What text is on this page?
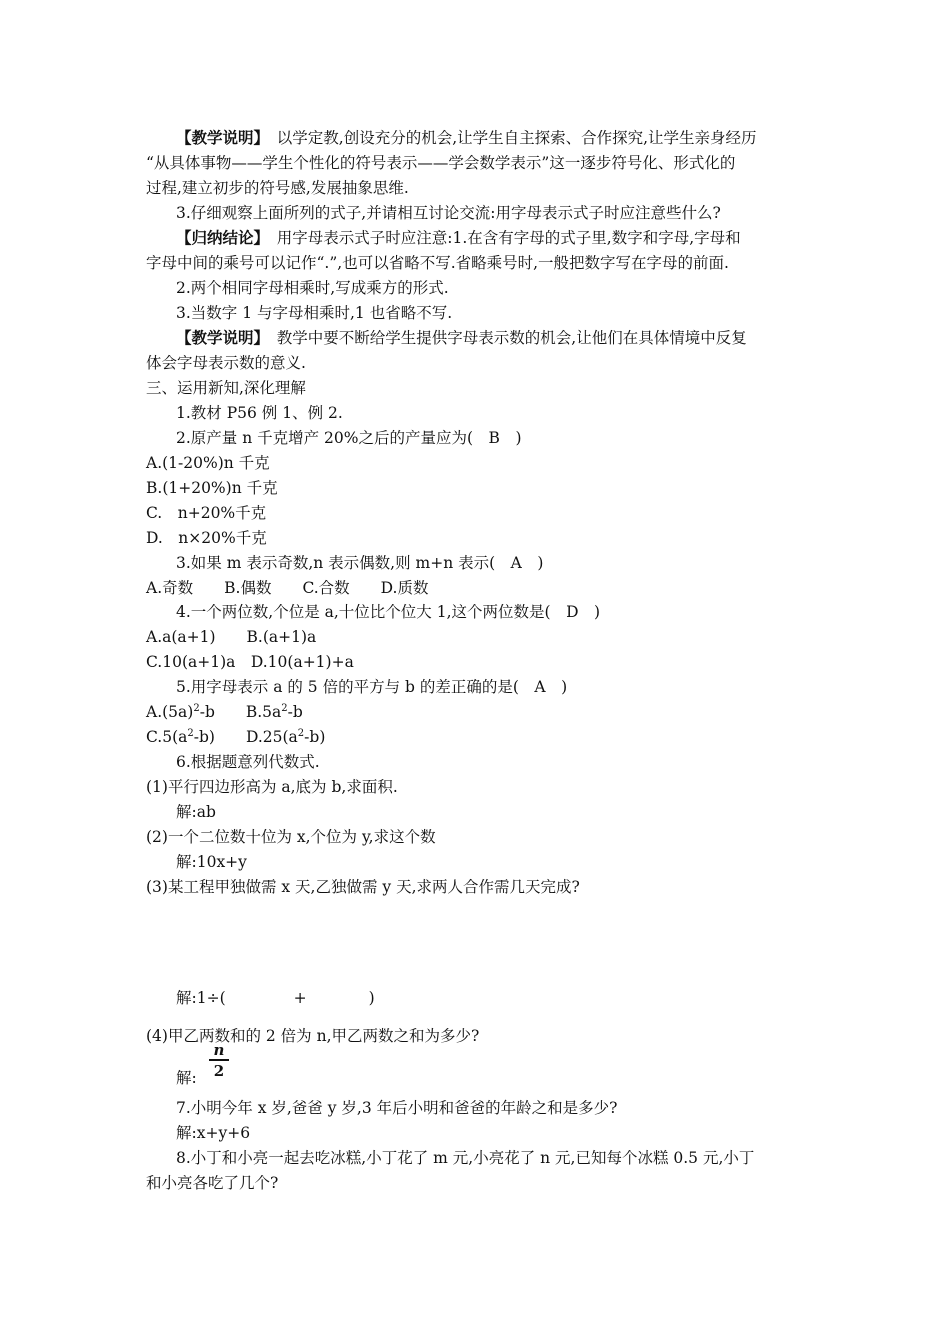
【教学说明】　以学定教,创设充分的机会,让学生自主探索、合作探究,让学生亲身经历
“从具体事物——学生个性化的符号表示——学会数学表示”这一逐步符号化、形式化的
过程,建立初步的符号感,发展抽象思维.
3.仔细观察上面所列的式子,并请相互讨论交流:用字母表示式子时应注意些什么?
【归纳结论】　用字母表示式子时应注意:1.在含有字母的式子里,数字和字母,字母和
字母中间的乘号可以记作“.”,也可以省略不写.省略乘号时,一般把数字写在字母的前面.
2.两个相同字母相乘时,写成乘方的形式.
3.当数字 1 与字母相乘时,1 也省略不写.
【教学说明】　教学中要不断给学生提供字母表示数的机会,让他们在具体情境中反复
体会字母表示数的意义.
三、运用新知,深化理解
1.教材 P56 例 1、例 2.
2.原产量 n 千克增产 20%之后的产量应为(　B　)
A.(1-20%)n 千克
B.(1+20%)n 千克
C.　n+20%千克
D.　n×20%千克
3.如果 m 表示奇数,n 表示偶数,则 m+n 表示(　A　)
A.奇数　　B.偶数　　C.合数　　D.质数
4.一个两位数,个位是 a,十位比个位大 1,这个两位数是(　D　)
A.a(a+1)　　B.(a+1)a
C.10(a+1)a　D.10(a+1)+a
5.用字母表示 a 的 5 倍的平方与 b 的差正确的是(　A　)
$A.(5a)^2-b$　　$B.5a^2-b$
$C.5(a^2-b)$　　$D.25(a^2-b)$
6.根据题意列代数式.
(1)平行四边形高为 a,底为 b,求面积.
解:ab
(2)一个二位数十位为 x,个位为 y,求这个数
解:10x+y
(3)某工程甲独做需 x 天,乙独做需 y 天,求两人合作需几天完成?
解:1÷(	+	)
(4)甲乙两数和的 2 倍为 n,甲乙两数之和为多少?
解:
n
2
7.小明今年 x 岁,爸爸 y 岁,3 年后小明和爸爸的年龄之和是多少?
解:x+y+6
8.小丁和小亮一起去吃冰糕,小丁花了 m 元,小亮花了 n 元,已知每个冰糕 0.5 元,小丁
和小亮各吃了几个?
